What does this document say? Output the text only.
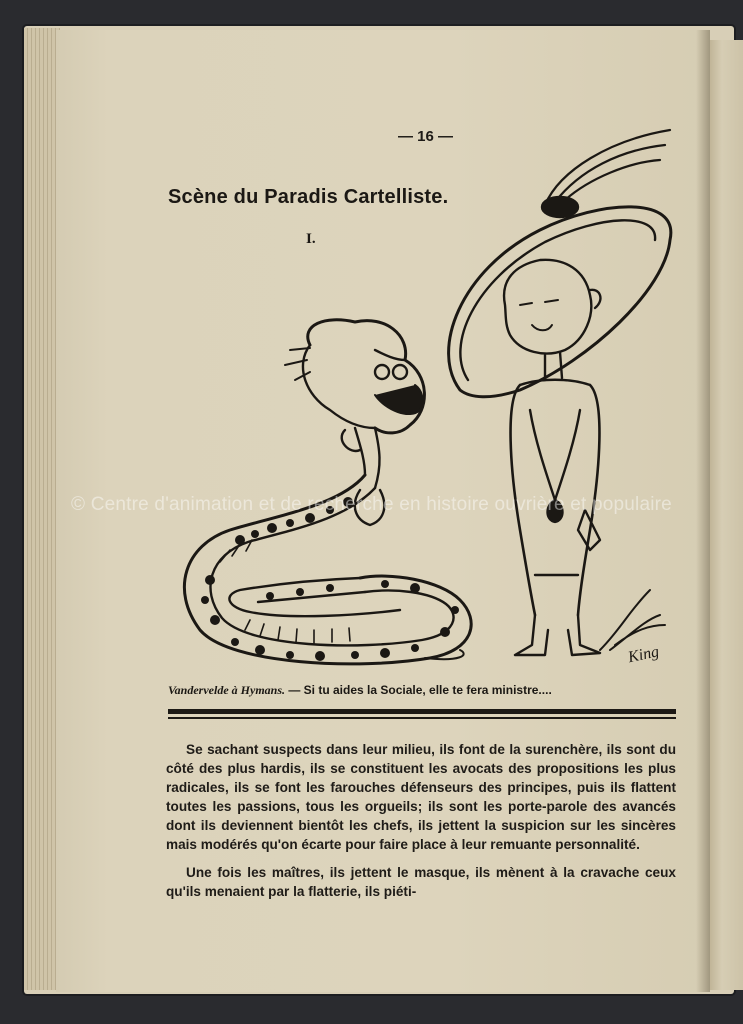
— 16 —
Scène du Paradis Cartelliste.
I.
King
Vandervelde à Hymans. — Si tu aides la Sociale, elle te fera ministre....

Se sachant suspects dans leur milieu, ils font de la surenchère, ils sont du côté des plus hardis, ils se constituent les avocats des propositions les plus radicales, ils se font les farouches défenseurs des principes, puis ils flattent toutes les passions, tous les orgueils; ils sont les porte-parole des avancés dont ils deviennent bientôt les chefs, ils jettent la suspicion sur les sincères mais modérés qu'on écarte pour faire place à leur remuante personnalité.

Une fois les maîtres, ils jettent le masque, ils mènent à la cravache ceux qu'ils menaient par la flatterie, ils piéti-

© Centre d'animation et de recherche en histoire ouvrière et populaire
